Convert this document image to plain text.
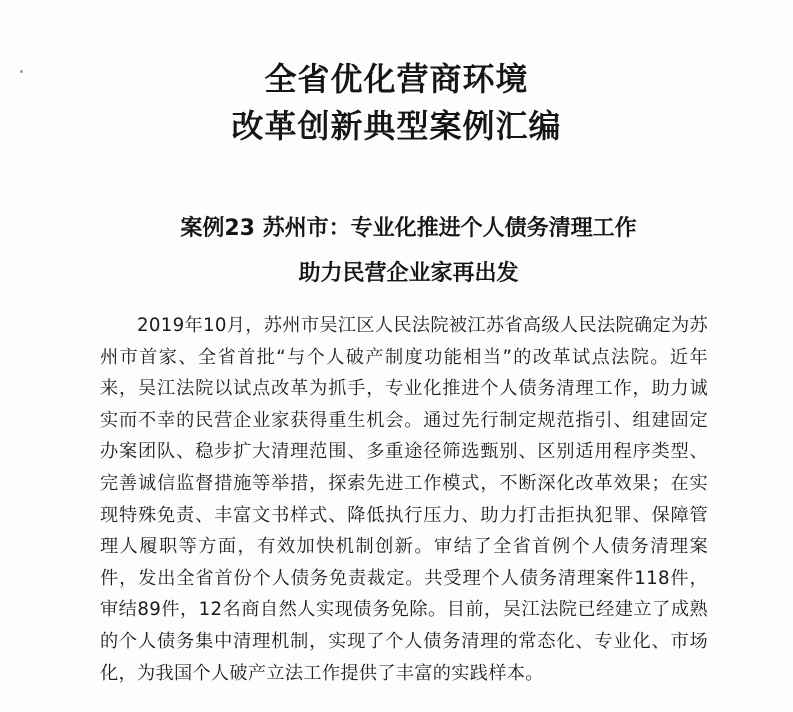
全省优化营商环境
改革创新典型案例汇编
案例23 苏州市：专业化推进个人债务清理工作
助力民营企业家再出发

2019年10月，苏州市吴江区人民法院被江苏省高级人民法院确定为苏州市首家、全省首批“与个人破产制度功能相当”的改革试点法院。近年来，吴江法院以试点改革为抓手，专业化推进个人债务清理工作，助力诚实而不幸的民营企业家获得重生机会。通过先行制定规范指引、组建固定办案团队、稳步扩大清理范围、多重途径筛选甄别、区别适用程序类型、完善诚信监督措施等举措，探索先进工作模式，不断深化改革效果；在实现特殊免责、丰富文书样式、降低执行压力、助力打击拒执犯罪、保障管理人履职等方面，有效加快机制创新。审结了全省首例个人债务清理案件，发出全省首份个人债务免责裁定。共受理个人债务清理案件118件，审结89件，12名商自然人实现债务免除。目前，吴江法院已经建立了成熟的个人债务集中清理机制，实现了个人债务清理的常态化、专业化、市场化，为我国个人破产立法工作提供了丰富的实践样本。
